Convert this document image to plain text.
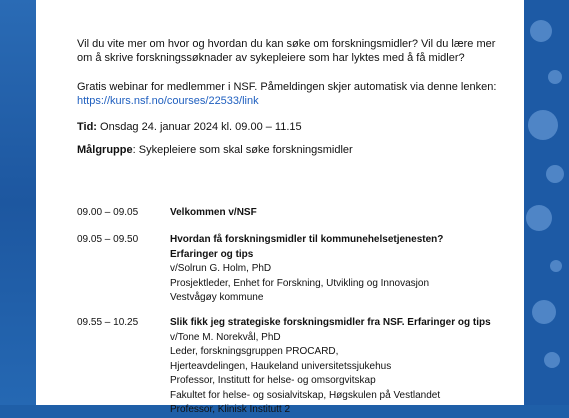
Vil du vite mer om hvor og hvordan du kan søke om forskningsmidler? Vil du lære mer
om å skrive forskningssøknader av sykepleiere som har lyktes med å få midler?
Gratis webinar for medlemmer i NSF. Påmeldingen skjer automatisk via denne lenken:
https://kurs.nsf.no/courses/22533/link
Tid: Onsdag 24. januar 2024 kl. 09.00 – 11.15
Målgruppe: Sykepleiere som skal søke forskningsmidler
09.00 – 09.05	Velkommen v/NSF
09.05 – 09.50	Hvordan få forskningsmidler til kommunehelsetjenesten?
Erfaringer og tips
v/Solrun G. Holm, PhD
Prosjektleder, Enhet for Forskning, Utvikling og Innovasjon
Vestvågøy kommune
09.55 – 10.25	Slik fikk jeg strategiske forskningsmidler fra NSF. Erfaringer og tips
v/Tone M. Norekvål, PhD
Leder, forskningsgruppen PROCARD,
Hjerteavdelingen, Haukeland universitetssjukehus
Professor, Institutt for helse- og omsorgvitskap
Fakultet for helse- og sosialvitskap, Høgskulen på Vestlandet
Professor, Klinisk Institutt 2
